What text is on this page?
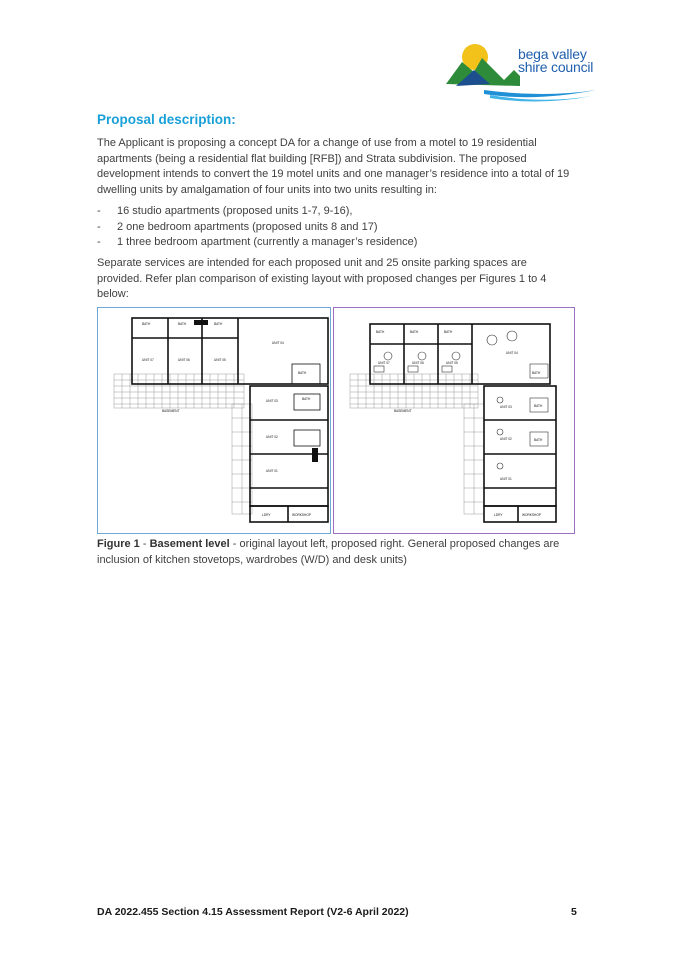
bega valley
shire council
Proposal description:

The Applicant is proposing a concept DA for a change of use from a motel to 19 residential apartments (being a residential flat building [RFB]) and Strata subdivision. The proposed development intends to convert the 19 motel units and one manager’s residence into a total of 19 dwelling units by amalgamation of four units into two units resulting in:

- 16 studio apartments (proposed units 1-7, 9-16),
- 2 one bedroom apartments (proposed units 8 and 17)
- 1 three bedroom apartment (currently a manager’s residence)

Separate services are intended for each proposed unit and 25 onsite parking spaces are provided. Refer plan comparison of existing layout with proposed changes per Figures 1 to 4 below:

BATH	BATH	BATH
UNIT 07	UNIT 06	UNIT 05
UNIT 04
BATH
BASEMENT
UNIT 03	BATH
UNIT 02
UNIT 01
LDRY	WORKSHOP
BATH	BATH	BATH
UNIT 07	UNIT 06	UNIT 05
UNIT 04
BATH
BASEMENT
UNIT 03	BATH
UNIT 02	BATH
UNIT 01
LDRY	WORKSHOP

Figure 1 - Basement level - original layout left, proposed right. General proposed changes are inclusion of kitchen stovetops, wardrobes (W/D) and desk units)

DA 2022.455 Section 4.15 Assessment Report (V2-6 April 2022)	5
